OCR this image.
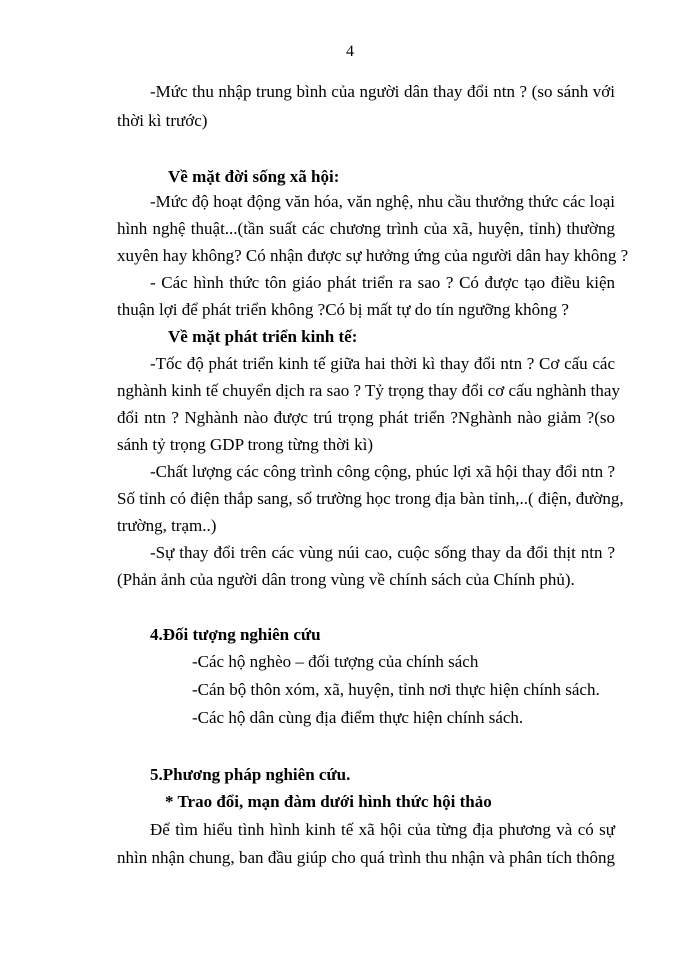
4
-Mức thu nhập trung bình của người dân thay đổi ntn ? (so sánh với
thời kì trước)
Về mặt đời sống xã hội:
-Mức độ hoạt động văn hóa, văn nghệ, nhu cầu thưởng thức các loại
hình nghệ thuật...(tần suất các chương trình của xã, huyện, tỉnh) thường
xuyên hay không? Có nhận được sự hưởng ứng của người dân hay không ?
- Các hình thức tôn giáo phát triển ra sao ? Có được tạo điều kiện
thuận lợi để phát triển không ?Có bị mất tự do tín ngưỡng không ?
Về mặt phát triển kinh tế:
-Tốc độ phát triển kinh tế giữa hai thời kì thay đổi ntn ? Cơ cấu các
nghành kinh tế chuyển dịch ra sao ? Tỷ trọng thay đổi cơ cấu nghành thay
đổi ntn ? Nghành nào được trú trọng phát triển ?Nghành nào giảm ?(so
sánh tỷ trọng GDP trong từng thời kì)
-Chất lượng các công trình công cộng, phúc lợi xã hội thay đổi ntn ?
Số tỉnh có điện thắp sang, số trường học trong địa bàn tỉnh,..( điện, đường,
trường, trạm..)
-Sự thay đổi trên các vùng núi cao, cuộc sống thay da đổi thịt ntn ?
(Phản ảnh của người dân trong vùng về chính sách của Chính phủ).
4.Đối tượng nghiên cứu
-Các hộ nghèo – đối tượng của chính sách
-Cán bộ thôn xóm, xã, huyện, tỉnh nơi thực hiện chính sách.
-Các hộ dân cùng địa điểm thực hiện chính sách.
5.Phương pháp nghiên cứu.
* Trao đổi, mạn đàm dưới hình thức hội thảo
Để tìm hiểu tình hình kinh tế xã hội của từng địa phương và có sự
nhìn nhận chung, ban đầu giúp cho quá trình thu nhận và phân tích thông
